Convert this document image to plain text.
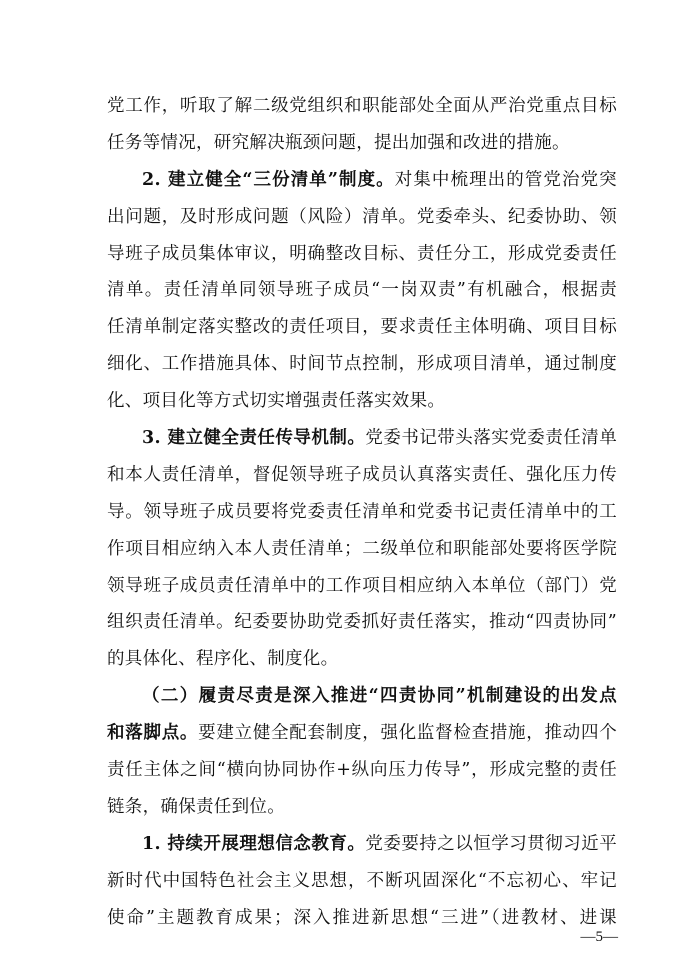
党工作，听取了解二级党组织和职能部处全面从严治党重点目标
任务等情况，研究解决瓶颈问题，提出加强和改进的措施。
2. 建立健全“三份清单”制度。对集中梳理出的管党治党突
出问题，及时形成问题（风险）清单。党委牵头、纪委协助、领
导班子成员集体审议，明确整改目标、责任分工，形成党委责任
清单。责任清单同领导班子成员“一岗双责”有机融合，根据责
任清单制定落实整改的责任项目，要求责任主体明确、项目目标
细化、工作措施具体、时间节点控制，形成项目清单，通过制度
化、项目化等方式切实增强责任落实效果。
3. 建立健全责任传导机制。党委书记带头落实党委责任清单
和本人责任清单，督促领导班子成员认真落实责任、强化压力传
导。领导班子成员要将党委责任清单和党委书记责任清单中的工
作项目相应纳入本人责任清单；二级单位和职能部处要将医学院
领导班子成员责任清单中的工作项目相应纳入本单位（部门）党
组织责任清单。纪委要协助党委抓好责任落实，推动“四责协同”
的具体化、程序化、制度化。
（二）履责尽责是深入推进“四责协同”机制建设的出发点
和落脚点。要建立健全配套制度，强化监督检查措施，推动四个
责任主体之间“横向协同协作+纵向压力传导”，形成完整的责任
链条，确保责任到位。
1. 持续开展理想信念教育。党委要持之以恒学习贯彻习近平
新时代中国特色社会主义思想，不断巩固深化“不忘初心、牢记
使命”主题教育成果；深入推进新思想“三进”（进教材、进课
—5—
